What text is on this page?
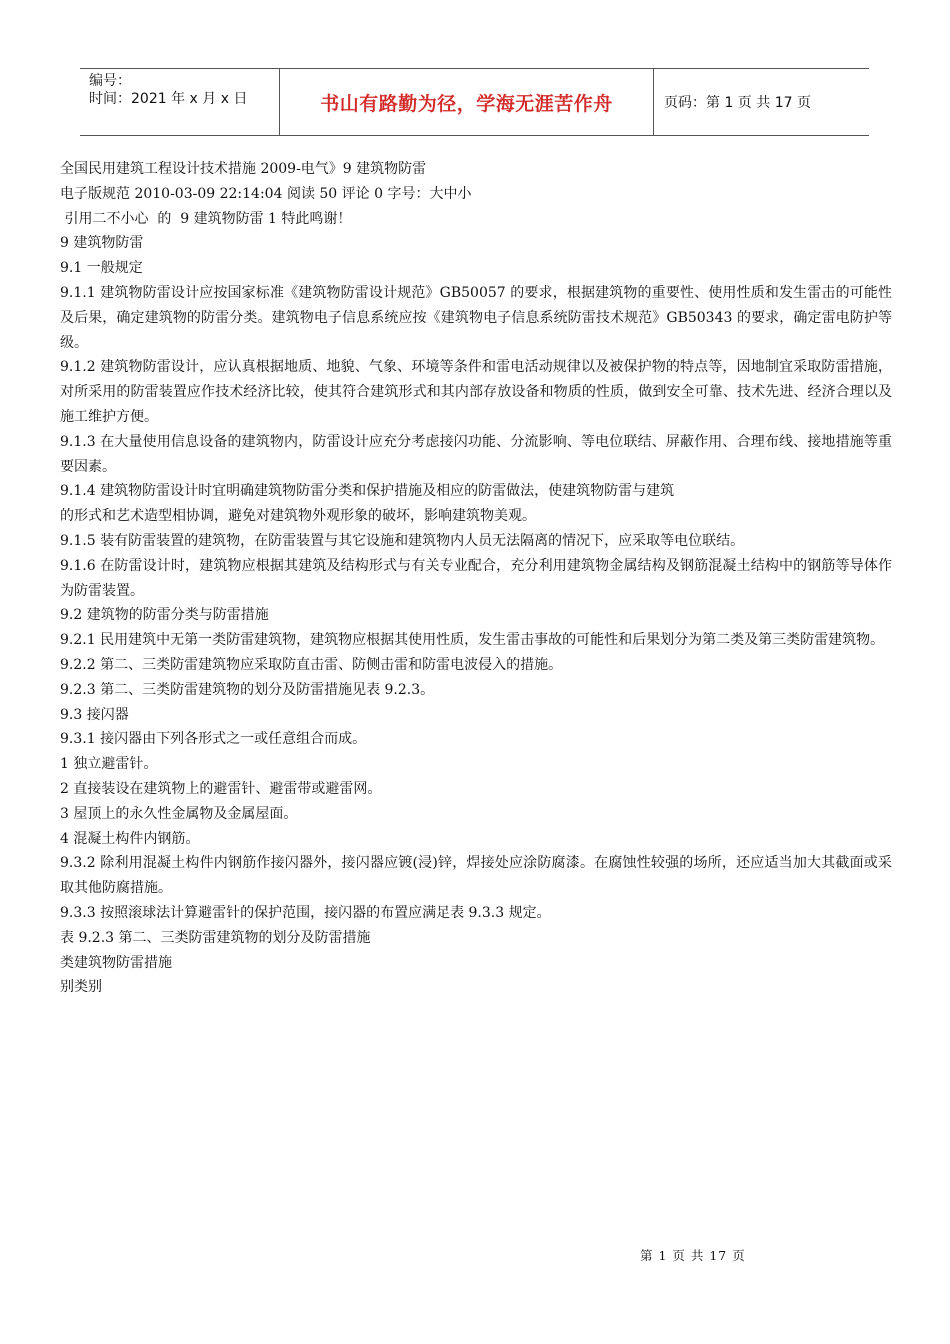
编号：
时间：2021 年 x 月 x 日	书山有路勤为径，学海无涯苦作舟	页码：第 1 页 共 17 页

全国民用建筑工程设计技术措施 2009-电气》9 建筑物防雷

电子版规范 2010-03-09 22:14:04 阅读 50 评论 0 字号：大中小

引用二不小心  的  9 建筑物防雷 1 特此鸣谢！

9 建筑物防雷

9.1 一般规定

9.1.1 建筑物防雷设计应按国家标准《建筑物防雷设计规范》GB50057 的要求，根据建筑物的重要性、使用性质和发生雷击的可能性及后果，确定建筑物的防雷分类。建筑物电子信息系统应按《建筑物电子信息系统防雷技术规范》GB50343 的要求，确定雷电防护等级。

9.1.2 建筑物防雷设计，应认真根据地质、地貌、气象、环境等条件和雷电活动规律以及被保护物的特点等，因地制宜采取防雷措施，对所采用的防雷装置应作技术经济比较，使其符合建筑形式和其内部存放设备和物质的性质，做到安全可靠、技术先进、经济合理以及施工维护方便。

9.1.3 在大量使用信息设备的建筑物内，防雷设计应充分考虑接闪功能、分流影响、等电位联结、屏蔽作用、合理布线、接地措施等重要因素。

9.1.4 建筑物防雷设计时宜明确建筑物防雷分类和保护措施及相应的防雷做法，使建筑物防雷与建筑

的形式和艺术造型相协调，避免对建筑物外观形象的破坏，影响建筑物美观。

9.1.5 装有防雷装置的建筑物，在防雷装置与其它设施和建筑物内人员无法隔离的情况下，应采取等电位联结。

9.1.6 在防雷设计时，建筑物应根据其建筑及结构形式与有关专业配合，充分利用建筑物金属结构及钢筋混凝土结构中的钢筋等导体作为防雷装置。

9.2 建筑物的防雷分类与防雷措施

9.2.1 民用建筑中无第一类防雷建筑物，建筑物应根据其使用性质，发生雷击事故的可能性和后果划分为第二类及第三类防雷建筑物。

9.2.2 第二、三类防雷建筑物应采取防直击雷、防侧击雷和防雷电波侵入的措施。

9.2.3 第二、三类防雷建筑物的划分及防雷措施见表 9.2.3。

9.3 接闪器

9.3.1 接闪器由下列各形式之一或任意组合而成。

1 独立避雷针。

2 直接装设在建筑物上的避雷针、避雷带或避雷网。

3 屋顶上的永久性金属物及金属屋面。

4 混凝土构件内钢筋。

9.3.2 除利用混凝土构件内钢筋作接闪器外，接闪器应镀(浸)锌，焊接处应涂防腐漆。在腐蚀性较强的场所，还应适当加大其截面或采取其他防腐措施。

9.3.3 按照滚球法计算避雷针的保护范围，接闪器的布置应满足表 9.3.3 规定。

表 9.2.3 第二、三类防雷建筑物的划分及防雷措施

类建筑物防雷措施

别类别

第 1 页 共 17 页
